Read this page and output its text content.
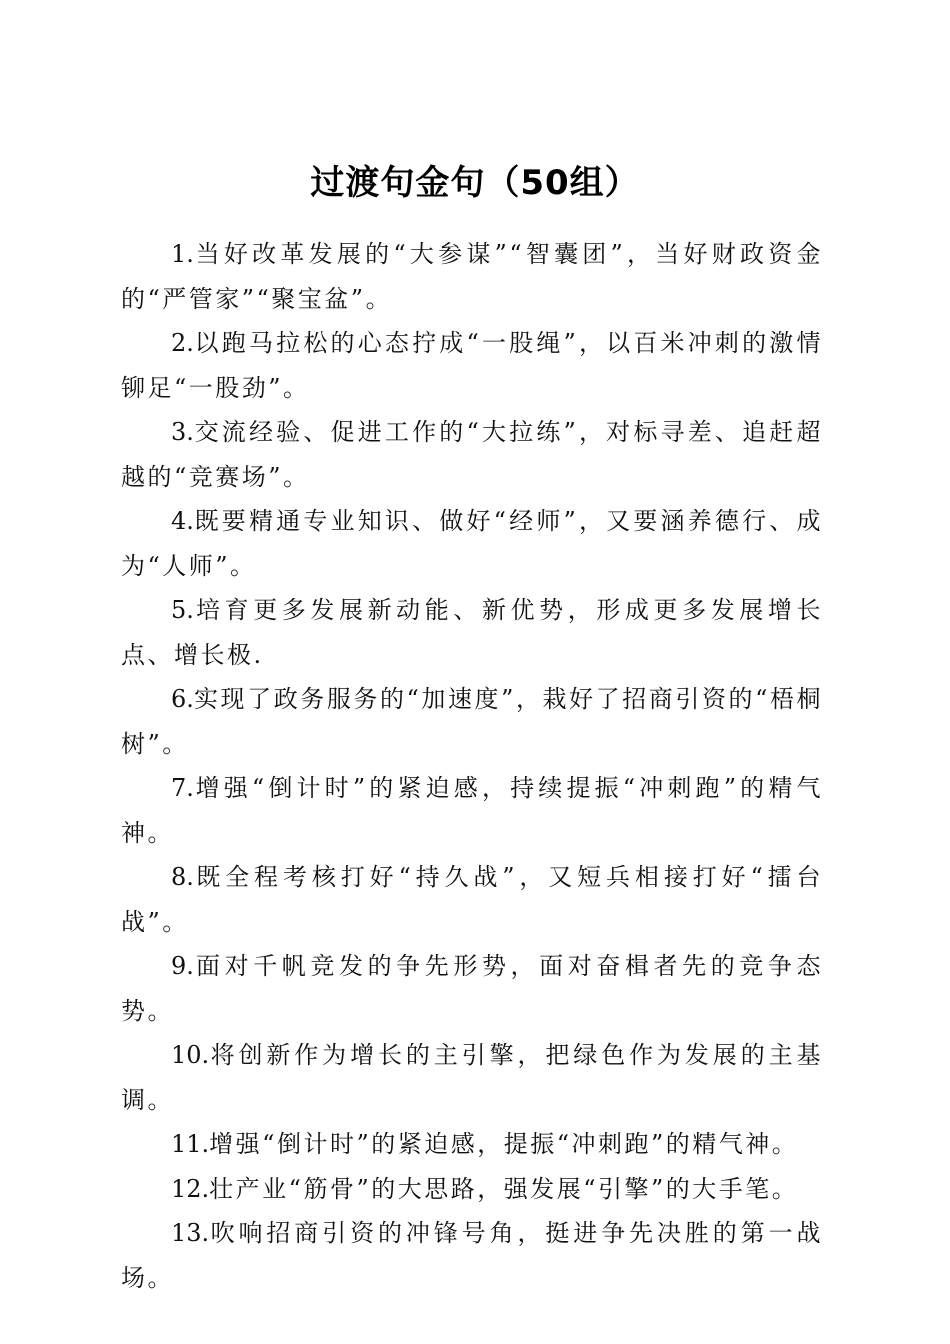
过渡句金句（50组）

1.当好改革发展的“大参谋”“智囊团”，当好财政资金的“严管家”“聚宝盆”。

2.以跑马拉松的心态拧成“一股绳”，以百米冲刺的激情铆足“一股劲”。

3.交流经验、促进工作的“大拉练”，对标寻差、追赶超越的“竞赛场”。

4.既要精通专业知识、做好“经师”，又要涵养德行、成为“人师”。

5.培育更多发展新动能、新优势，形成更多发展增长点、增长极.

6.实现了政务服务的“加速度”，栽好了招商引资的“梧桐树”。

7.增强“倒计时”的紧迫感，持续提振“冲刺跑”的精气神。

8.既全程考核打好“持久战”，又短兵相接打好“擂台战”。

9.面对千帆竞发的争先形势，面对奋楫者先的竞争态势。

10.将创新作为增长的主引擎，把绿色作为发展的主基调。

11.增强“倒计时”的紧迫感，提振“冲刺跑”的精气神。

12.壮产业“筋骨”的大思路，强发展“引擎”的大手笔。

13.吹响招商引资的冲锋号角，挺进争先决胜的第一战场。
